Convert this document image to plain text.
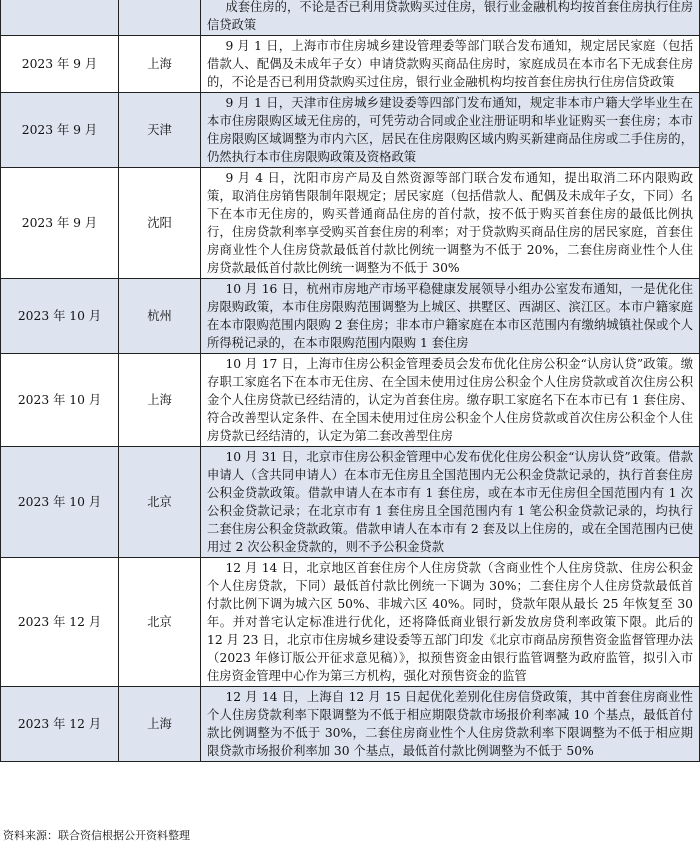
		成套住房的，不论是否已利用贷款购买过住房，银行业金融机构均按首套住房执行住房信贷政策
2023 年 9 月	上海	9 月 1 日，上海市市住房城乡建设管理委等部门联合发布通知，规定居民家庭（包括借款人、配偶及未成年子女）申请贷款购买商品住房时，家庭成员在本市名下无成套住房的，不论是否已利用贷款购买过住房，银行业金融机构均按首套住房执行住房信贷政策
2023 年 9 月	天津	9 月 1 日，天津市住房城乡建设委等四部门发布通知，规定非本市户籍大学毕业生在本市住房限购区域无住房的，可凭劳动合同或企业注册证明和毕业证购买一套住房；本市住房限购区域调整为市内六区，居民在住房限购区域内购买新建商品住房或二手住房的，仍然执行本市住房限购政策及资格政策
2023 年 9 月	沈阳	9 月 4 日，沈阳市房产局及自然资源等部门联合发布通知，提出取消二环内限购政策，取消住房销售限制年限规定；居民家庭（包括借款人、配偶及未成年子女，下同）名下在本市无住房的，购买普通商品住房的首付款，按不低于购买首套住房的最低比例执行，住房贷款利率享受购买首套住房的利率；对于贷款购买商品住房的居民家庭，首套住房商业性个人住房贷款最低首付款比例统一调整为不低于 20%，二套住房商业性个人住房贷款最低首付款比例统一调整为不低于 30%
2023 年 10 月	杭州	10 月 16 日，杭州市房地产市场平稳健康发展领导小组办公室发布通知，一是优化住房限购政策，本市住房限购范围调整为上城区、拱墅区、西湖区、滨江区。本市户籍家庭在本市限购范围内限购 2 套住房；非本市户籍家庭在本市区范围内有缴纳城镇社保或个人所得税记录的，在本市限购范围内限购 1 套住房
2023 年 10 月	上海	10 月 17 日，上海市住房公积金管理委员会发布优化住房公积金“认房认贷”政策。缴存职工家庭名下在本市无住房、在全国未使用过住房公积金个人住房贷款或首次住房公积金个人住房贷款已经结清的，认定为首套住房。缴存职工家庭名下在本市已有 1 套住房、符合改善型认定条件、在全国未使用过住房公积金个人住房贷款或首次住房公积金个人住房贷款已经结清的，认定为第二套改善型住房
2023 年 10 月	北京	10 月 31 日，北京市住房公积金管理中心发布优化住房公积金“认房认贷”政策。借款申请人（含共同申请人）在本市无住房且全国范围内无公积金贷款记录的，执行首套住房公积金贷款政策。借款申请人在本市有 1 套住房，或在本市无住房但全国范围内有 1 次公积金贷款记录；在北京市有 1 套住房且全国范围内有 1 笔公积金贷款记录的，均执行二套住房公积金贷款政策。借款申请人在本市有 2 套及以上住房的，或在全国范围内已使用过 2 次公积金贷款的，则不予公积金贷款
2023 年 12 月	北京	12 月 14 日，北京地区首套住房个人住房贷款（含商业性个人住房贷款、住房公积金个人住房贷款，下同）最低首付款比例统一下调为 30%；二套住房个人住房贷款最低首付款比例下调为城六区 50%、非城六区 40%。同时，贷款年限从最长 25 年恢复至 30 年。并对普宅认定标准进行优化，还将降低商业银行新发放房贷利率政策下限。此后的 12 月 23 日，北京市住房城乡建设委等五部门印发《北京市商品房预售资金监督管理办法（2023 年修订版公开征求意见稿）》，拟预售资金由银行监管调整为政府监管，拟引入市住房资金管理中心作为第三方机构，强化对预售资金的监管
2023 年 12 月	上海	12 月 14 日，上海自 12 月 15 日起优化差别化住房信贷政策，其中首套住房商业性个人住房贷款利率下限调整为不低于相应期限贷款市场报价利率减 10 个基点，最低首付款比例调整为不低于 30%，二套住房商业性个人住房贷款利率下限调整为不低于相应期限贷款市场报价利率加 30 个基点，最低首付款比例调整为不低于 50%
资料来源：联合资信根据公开资料整理
